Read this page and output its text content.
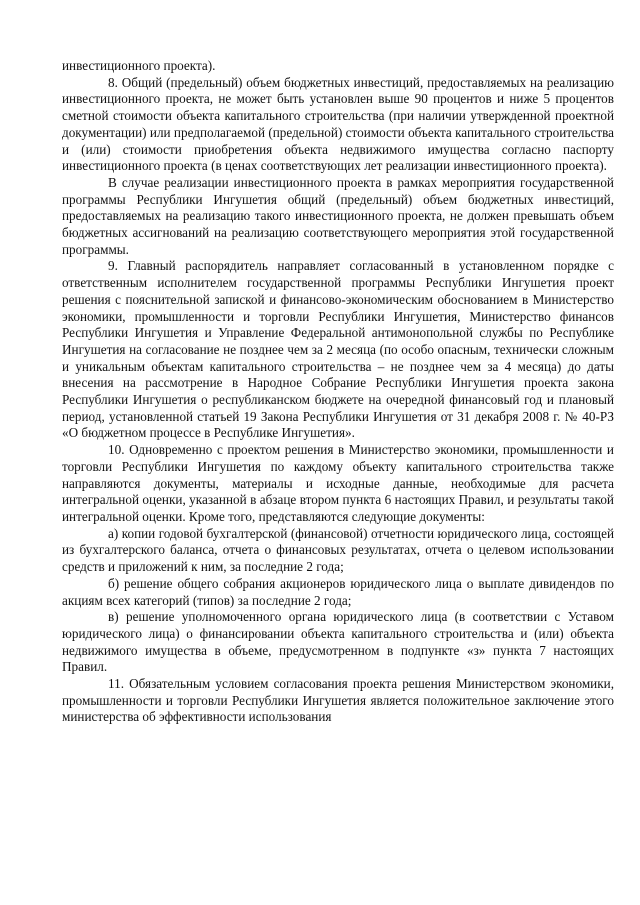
инвестиционного проекта).

8. Общий (предельный) объем бюджетных инвестиций, предоставляемых на реализацию инвестиционного проекта, не может быть установлен выше 90 процентов и ниже 5 процентов сметной стоимости объекта капитального строительства (при наличии утвержденной проектной документации) или предполагаемой (предельной) стоимости объекта капитального строительства и (или) стоимости приобретения объекта недвижимого имущества согласно паспорту инвестиционного проекта (в ценах соответствующих лет реализации инвестиционного проекта).

В случае реализации инвестиционного проекта в рамках мероприятия государственной программы Республики Ингушетия общий (предельный) объем бюджетных инвестиций, предоставляемых на реализацию такого инвестиционного проекта, не должен превышать объем бюджетных ассигнований на реализацию соответствующего мероприятия этой государственной программы.

9. Главный распорядитель направляет согласованный в установленном порядке с ответственным исполнителем государственной программы Республики Ингушетия проект решения с пояснительной запиской и финансово-экономическим обоснованием в Министерство экономики, промышленности и торговли Республики Ингушетия, Министерство финансов Республики Ингушетия и Управление Федеральной антимонопольной службы по Республике Ингушетия на согласование не позднее чем за 2 месяца (по особо опасным, технически сложным и уникальным объектам капитального строительства – не позднее чем за 4 месяца) до даты внесения на рассмотрение в Народное Собрание Республики Ингушетия проекта закона Республики Ингушетия о республиканском бюджете на очередной финансовый год и плановый период, установленной статьей 19 Закона Республики Ингушетия от 31 декабря 2008 г. № 40-РЗ «О бюджетном процессе в Республике Ингушетия».

10. Одновременно с проектом решения в Министерство экономики, промышленности и торговли Республики Ингушетия по каждому объекту капитального строительства также направляются документы, материалы и исходные данные, необходимые для расчета интегральной оценки, указанной в абзаце втором пункта 6 настоящих Правил, и результаты такой интегральной оценки. Кроме того, представляются следующие документы:

а) копии годовой бухгалтерской (финансовой) отчетности юридического лица, состоящей из бухгалтерского баланса, отчета о финансовых результатах, отчета о целевом использовании средств и приложений к ним, за последние 2 года;

б) решение общего собрания акционеров юридического лица о выплате дивидендов по акциям всех категорий (типов) за последние 2 года;

в) решение уполномоченного органа юридического лица (в соответствии с Уставом юридического лица) о финансировании объекта капитального строительства и (или) объекта недвижимого имущества в объеме, предусмотренном в подпункте «з» пункта 7 настоящих Правил.

11. Обязательным условием согласования проекта решения Министерством экономики, промышленности и торговли Республики Ингушетия является положительное заключение этого министерства об эффективности использования
